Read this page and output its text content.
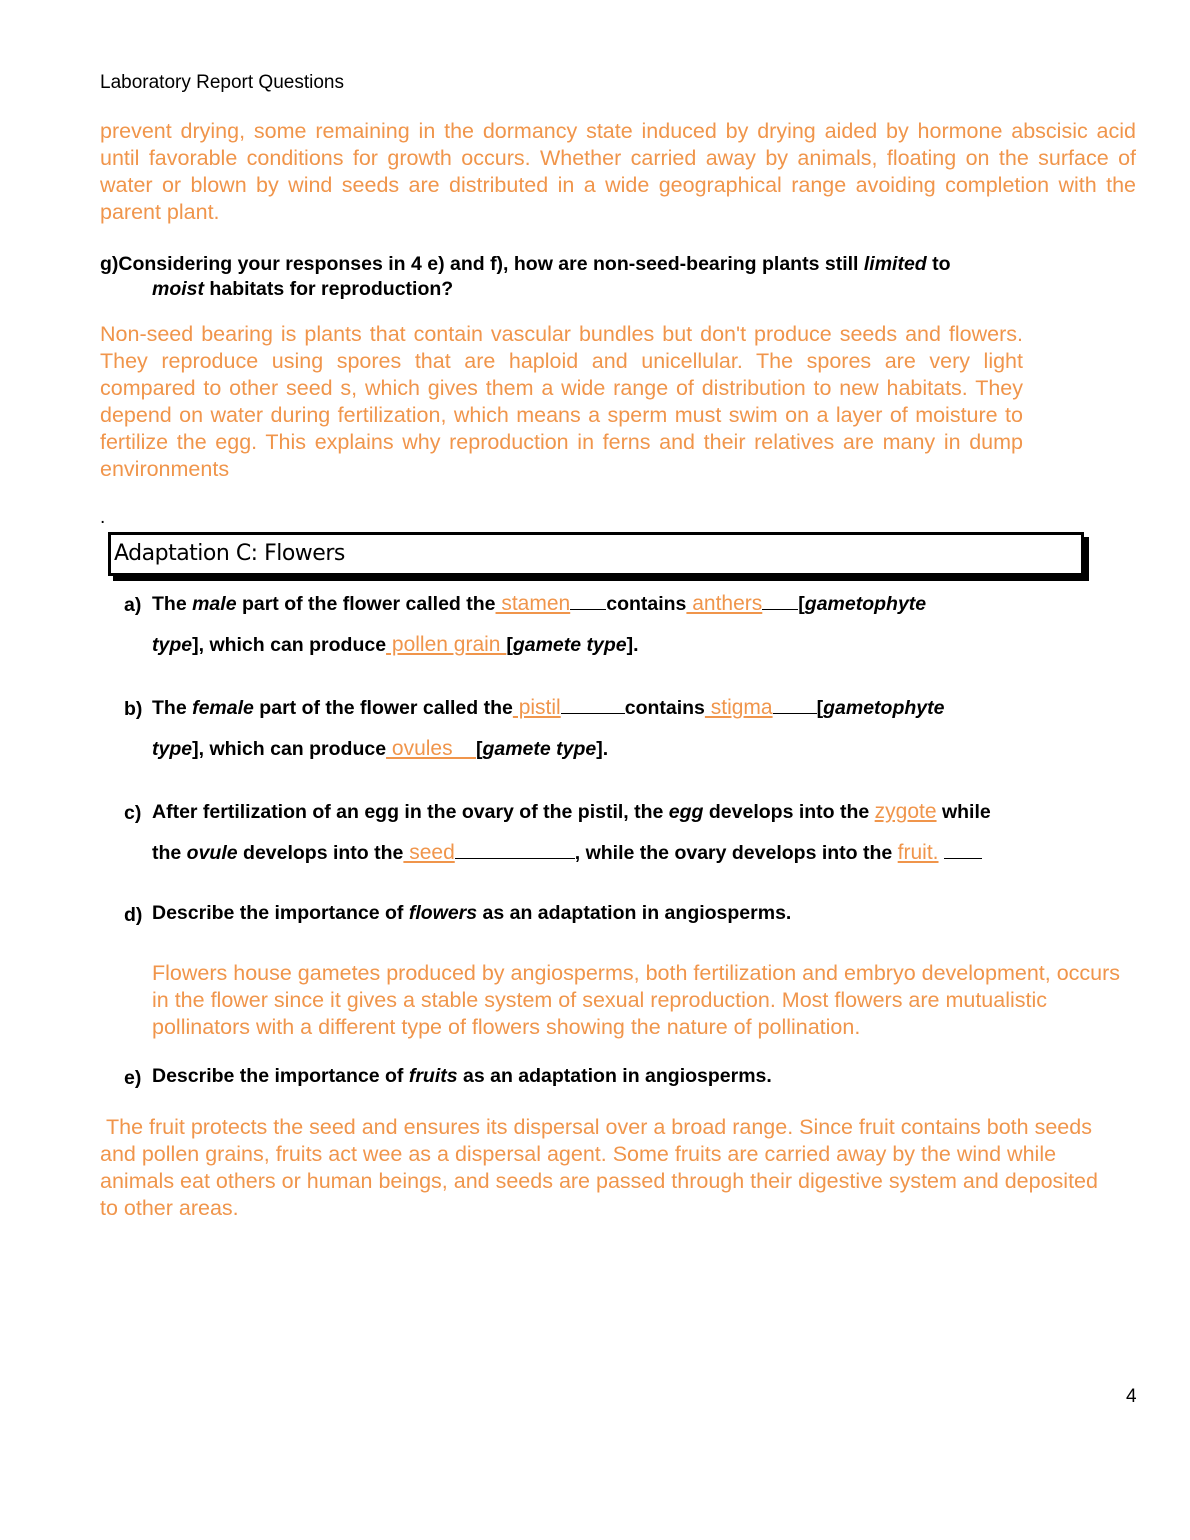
Laboratory Report Questions
prevent drying, some remaining in the dormancy state induced by drying aided by hormone abscisic acid until favorable conditions for growth occurs. Whether carried away by animals, floating on the surface of water or blown by wind seeds are distributed in a wide geographical range avoiding completion with the parent plant.
g)Considering your responses in 4 e) and f), how are non-seed-bearing plants still limited to
moist habitats for reproduction?
Non-seed bearing is plants that contain vascular bundles but don't produce seeds and flowers. They reproduce using spores that are haploid and unicellular. The spores are very light compared to other seed s, which gives them a wide range of distribution to new habitats. They depend on water during fertilization, which means a sperm must swim on a layer of moisture to fertilize the egg. This explains why reproduction in ferns and their relatives are many in dump environments
.
Adaptation C: Flowers
a) The male part of the flower called the stamen contains anthers [gametophyte
type], which can produce pollen grain [gamete type].
b) The female part of the flower called the pistil	contains stigma [gametophyte
type], which can produce ovules    [gamete type].
c) After fertilization of an egg in the ovary of the pistil, the egg develops into the zygote while
the ovule develops into the seed	, while the ovary develops into the fruit.
d) Describe the importance of flowers as an adaptation in angiosperms.
Flowers house gametes produced by angiosperms, both fertilization and embryo development, occurs in the flower since it gives a stable system of sexual reproduction. Most flowers are mutualistic pollinators with a different type of flowers showing the nature of pollination.
e) Describe the importance of fruits as an adaptation in angiosperms.
The fruit protects the seed and ensures its dispersal over a broad range. Since fruit contains both seeds and pollen grains, fruits act wee as a dispersal agent. Some fruits are carried away by the wind while animals eat others or human beings, and seeds are passed through their digestive system and deposited to other areas.
4
